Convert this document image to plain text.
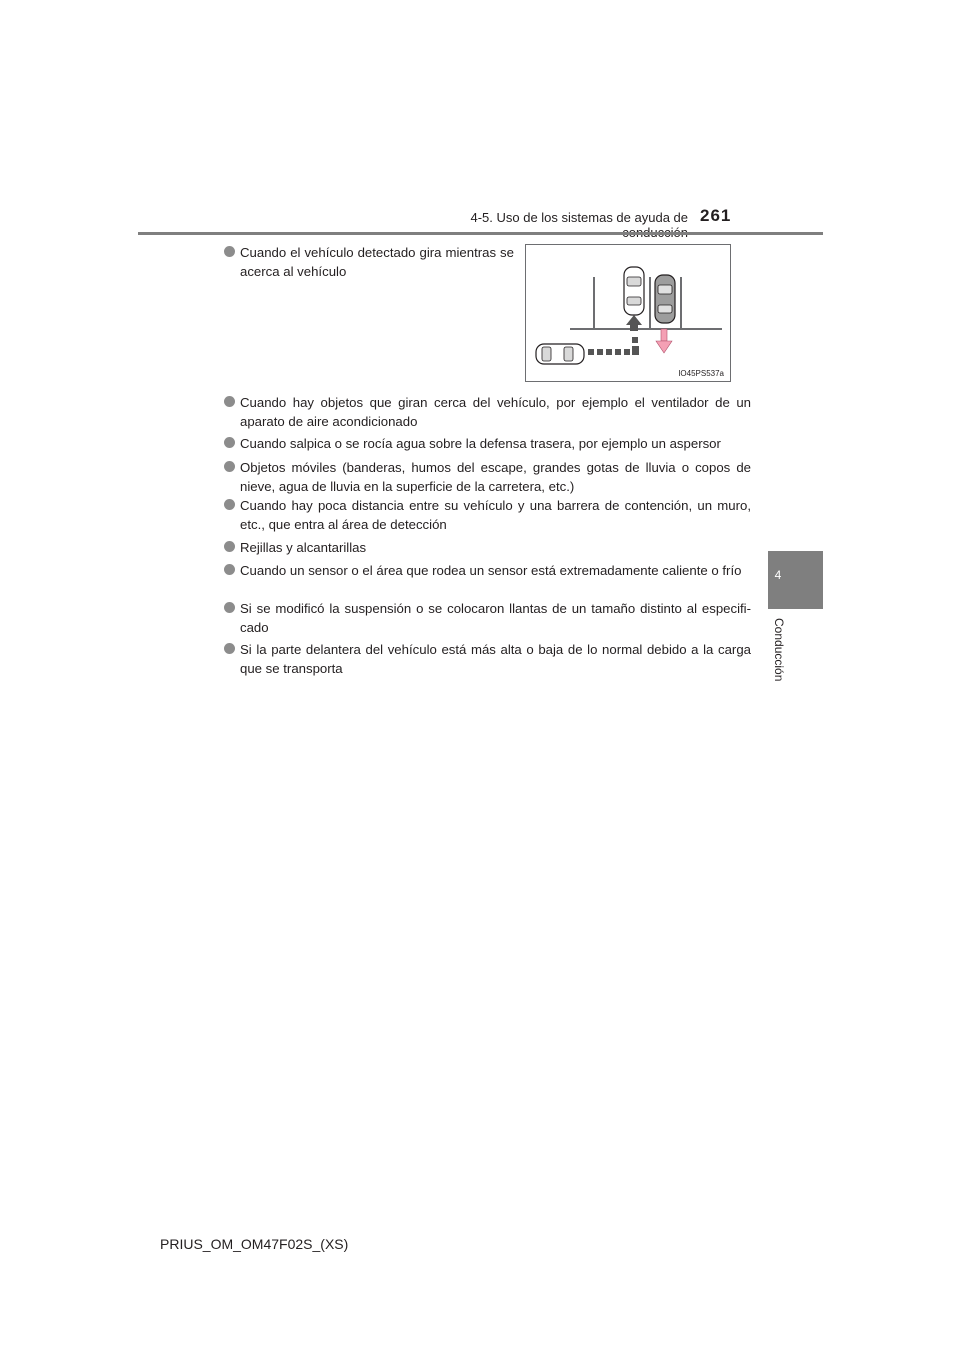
4-5. Uso de los sistemas de ayuda de 261
4
Conducción
Cuando el vehículo detectado gira mientras se acerca al vehículo
IO45PS537a
Cuando hay objetos que giran cerca del vehículo, por ejemplo el ventilador de un aparato de aire acondicionado
Cuando salpica o se rocía agua sobre la defensa trasera, por ejemplo un aspersor
Objetos móviles (banderas, humos del escape, grandes gotas de lluvia o copos de nieve, agua de lluvia en la superficie de la carretera, etc.)
Cuando hay poca distancia entre su vehículo y una barrera de contención, un muro, etc., que entra al área de detección
Rejillas y alcantarillas
Cuando un sensor o el área que rodea un sensor está extremadamente caliente o frío
Si se modificó la suspensión o se colocaron llantas de un tamaño distinto al especifi-cado
Si la parte delantera del vehículo está más alta o baja de lo normal debido a la carga que se transporta
PRIUS_OM_OM47F02S_(XS)
